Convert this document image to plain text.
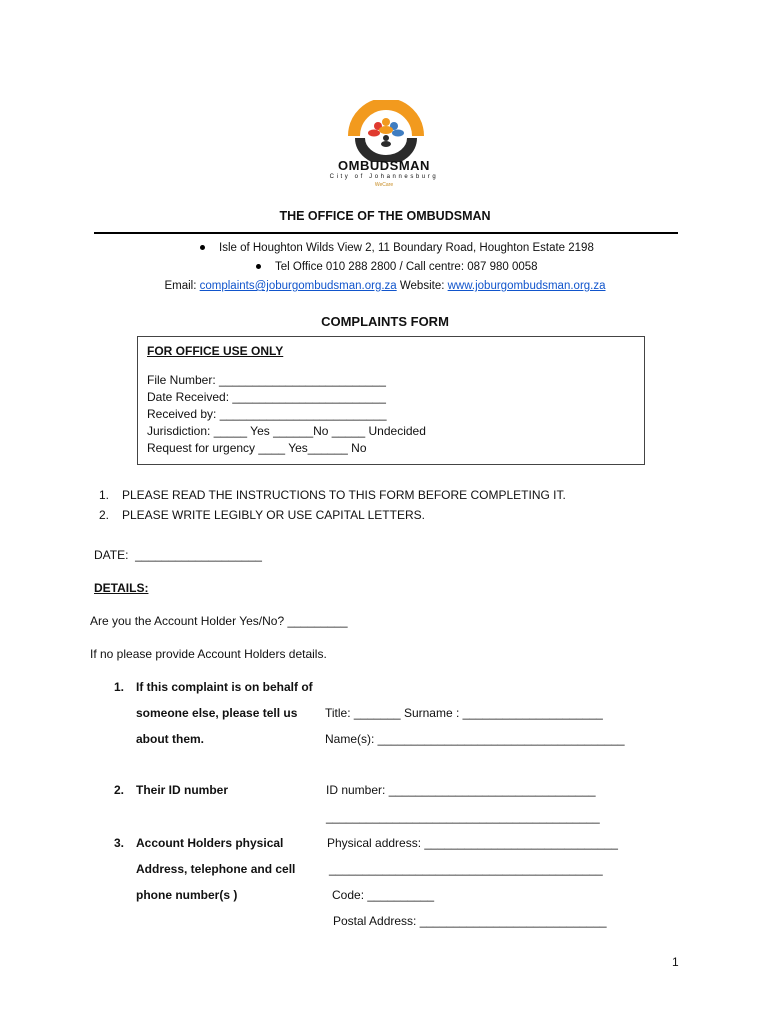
OMBUDSMAN
City of Johannesburg
WeCare
THE OFFICE OF THE OMBUDSMAN
Isle of Houghton Wilds View 2, 11 Boundary Road, Houghton Estate 2198
Tel Office 010 288 2800 / Call centre: 087 980 0058
Email: complaints@joburgombudsman.org.za Website: www.joburgombudsman.org.za
COMPLAINTS FORM
FOR OFFICE USE ONLY
File Number: _________________________
Date Received: _______________________
Received by: _________________________
Jurisdiction: _____ Yes ______No _____ Undecided
Request for urgency ____ Yes______ No
1. PLEASE READ THE INSTRUCTIONS TO THIS FORM BEFORE COMPLETING IT.
2. PLEASE WRITE LEGIBLY OR USE CAPITAL LETTERS.
DATE:  ___________________
DETAILS:
Are you the Account Holder Yes/No? _________
If no please provide Account Holders details.
1. If this complaint is on behalf of
someone else, please tell us
about them.
Title: _______ Surname : _____________________
Name(s): _____________________________________
2. Their ID number	ID number: _______________________________
_________________________________________
3. Account Holders physical
Address, telephone and cell
phone number(s )
Physical address: _____________________________
_________________________________________
Code: __________
Postal Address: ____________________________
1
